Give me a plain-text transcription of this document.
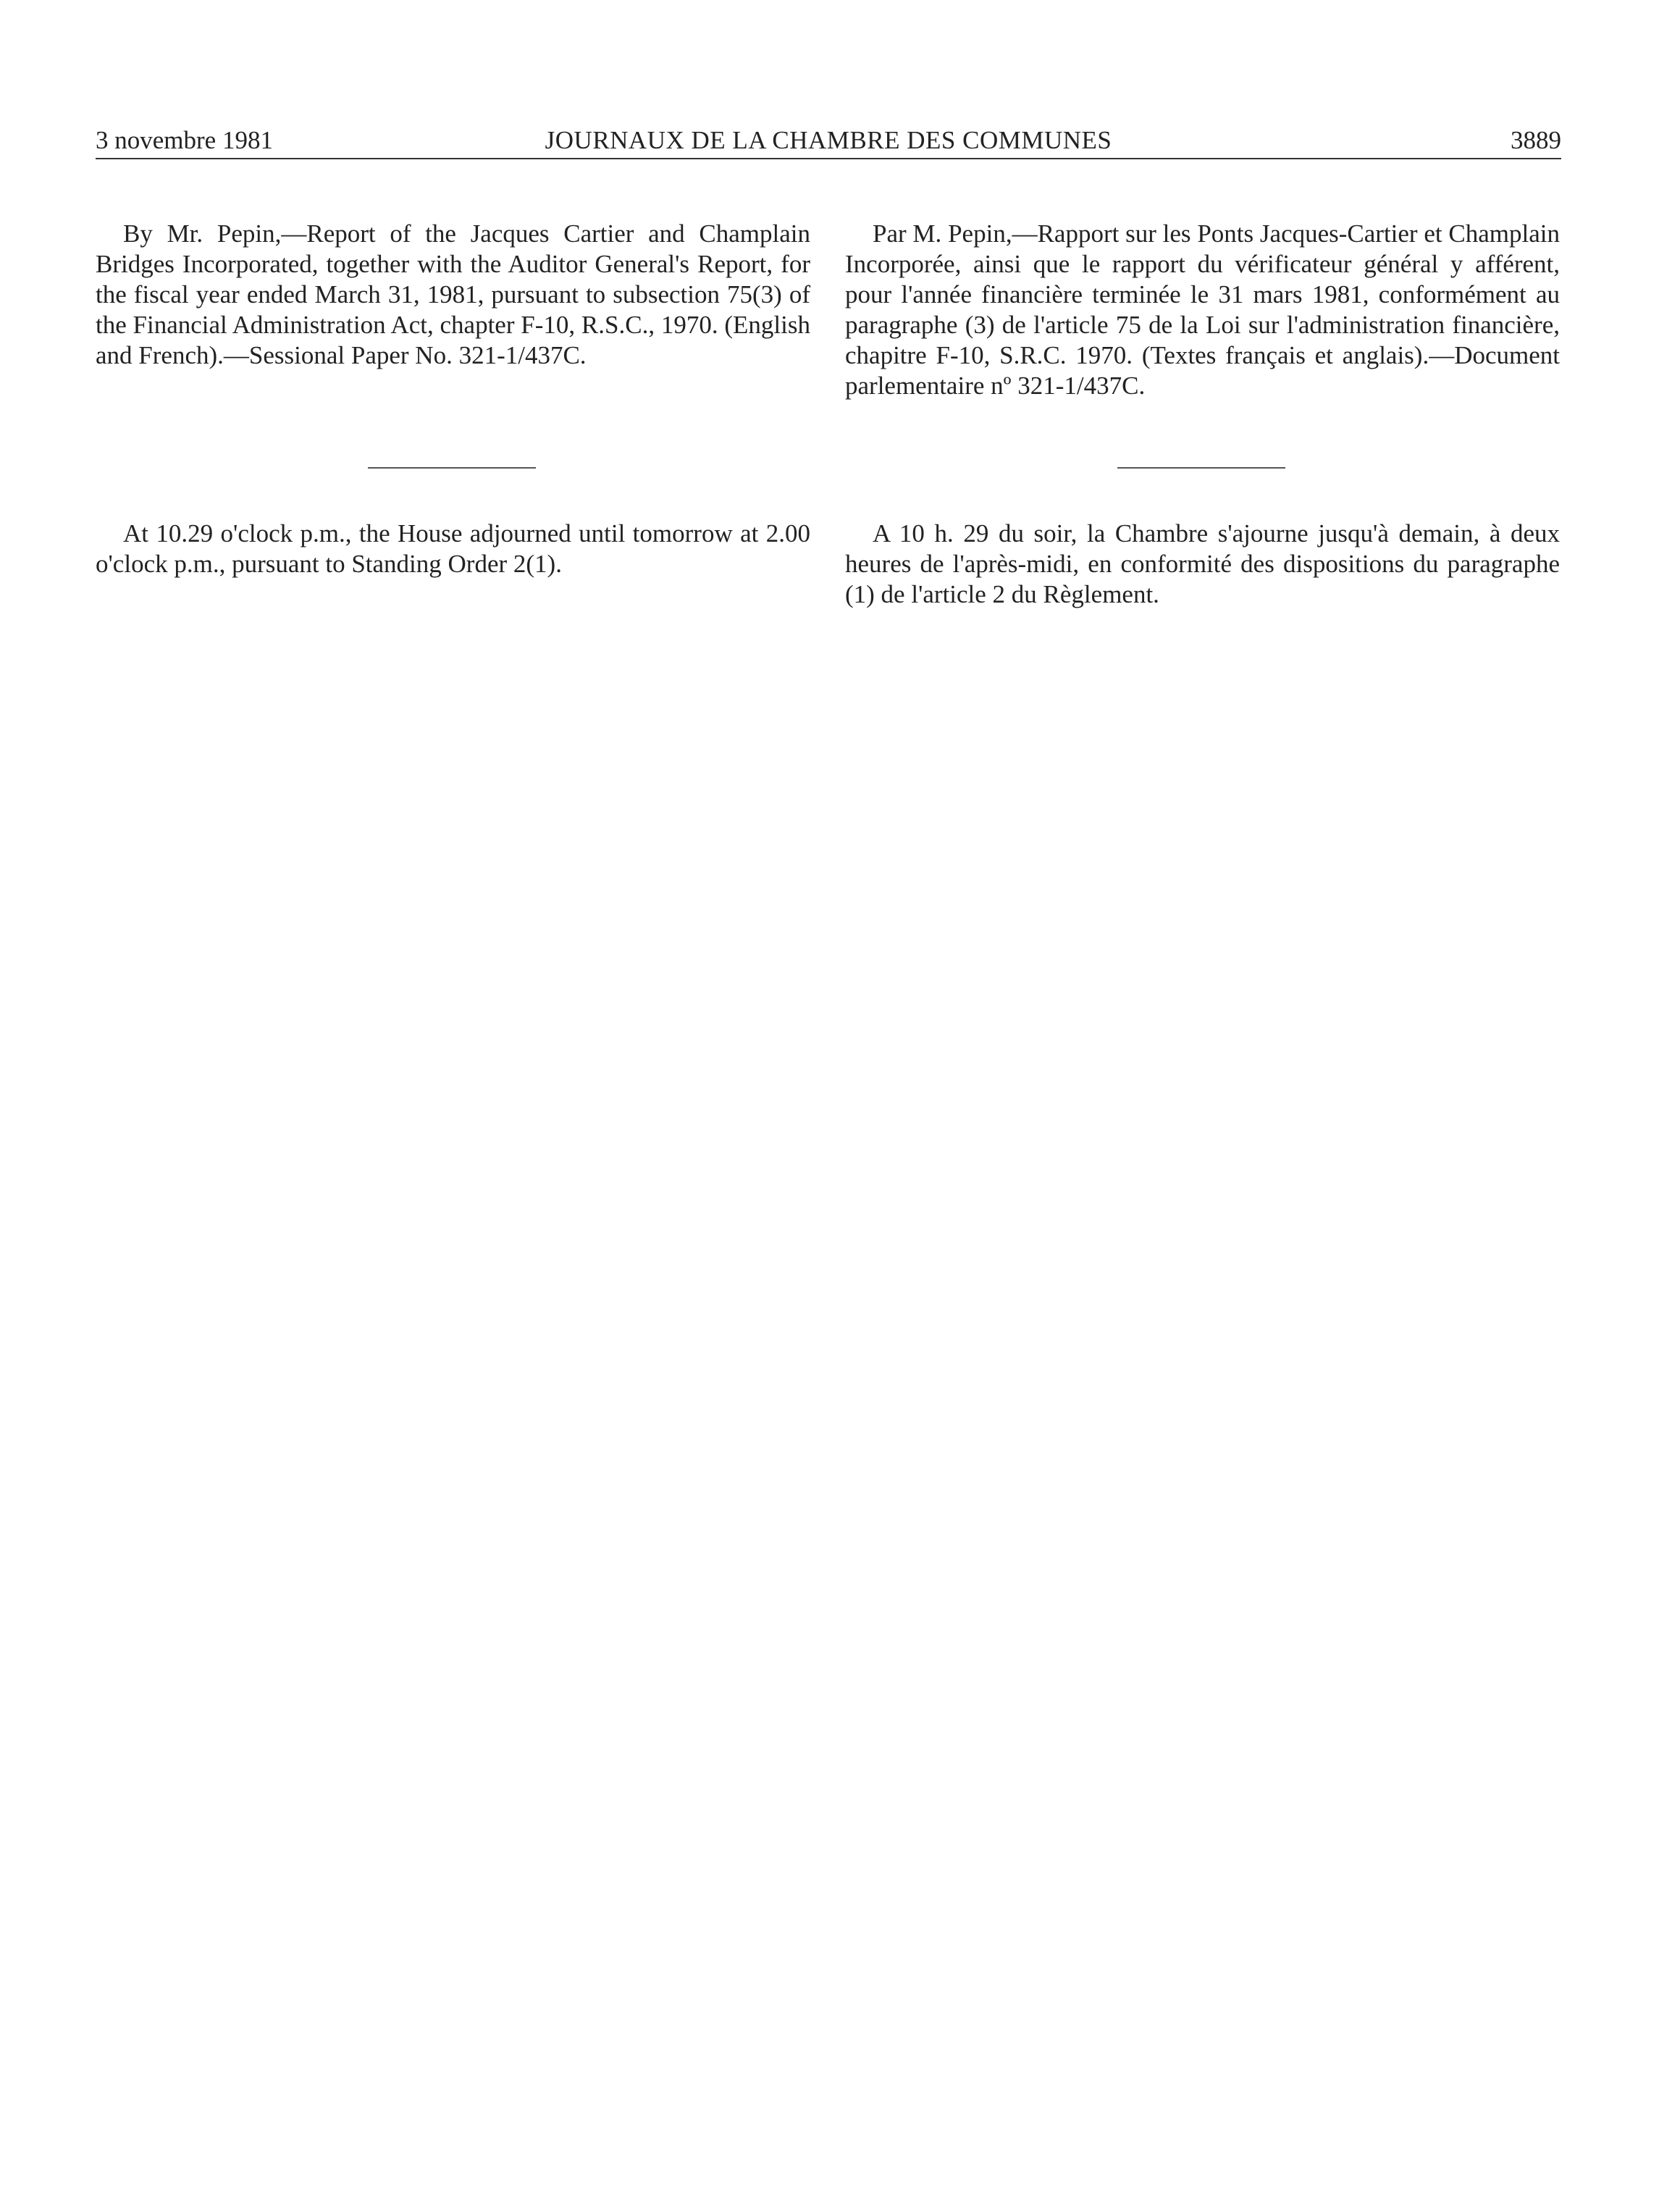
3 novembre 1981	JOURNAUX DE LA CHAMBRE DES COMMUNES	3889

By Mr. Pepin,—Report of the Jacques Cartier and Champlain Bridges Incorporated, together with the Auditor General's Report, for the fiscal year ended March 31, 1981, pursuant to subsection 75(3) of the Financial Administration Act, chapter F-10, R.S.C., 1970. (English and French).—Sessional Paper No. 321-1/437C.

Par M. Pepin,—Rapport sur les Ponts Jacques-Cartier et Champlain Incorporée, ainsi que le rapport du vérificateur général y afférent, pour l'année financière terminée le 31 mars 1981, conformément au paragraphe (3) de l'article 75 de la Loi sur l'administration financière, chapitre F-10, S.R.C. 1970. (Textes français et anglais).—Document parlementaire nº 321-1/437C.

At 10.29 o'clock p.m., the House adjourned until tomorrow at 2.00 o'clock p.m., pursuant to Standing Order 2(1).

A 10 h. 29 du soir, la Chambre s'ajourne jusqu'à demain, à deux heures de l'après-midi, en conformité des dispositions du paragraphe (1) de l'article 2 du Règlement.
